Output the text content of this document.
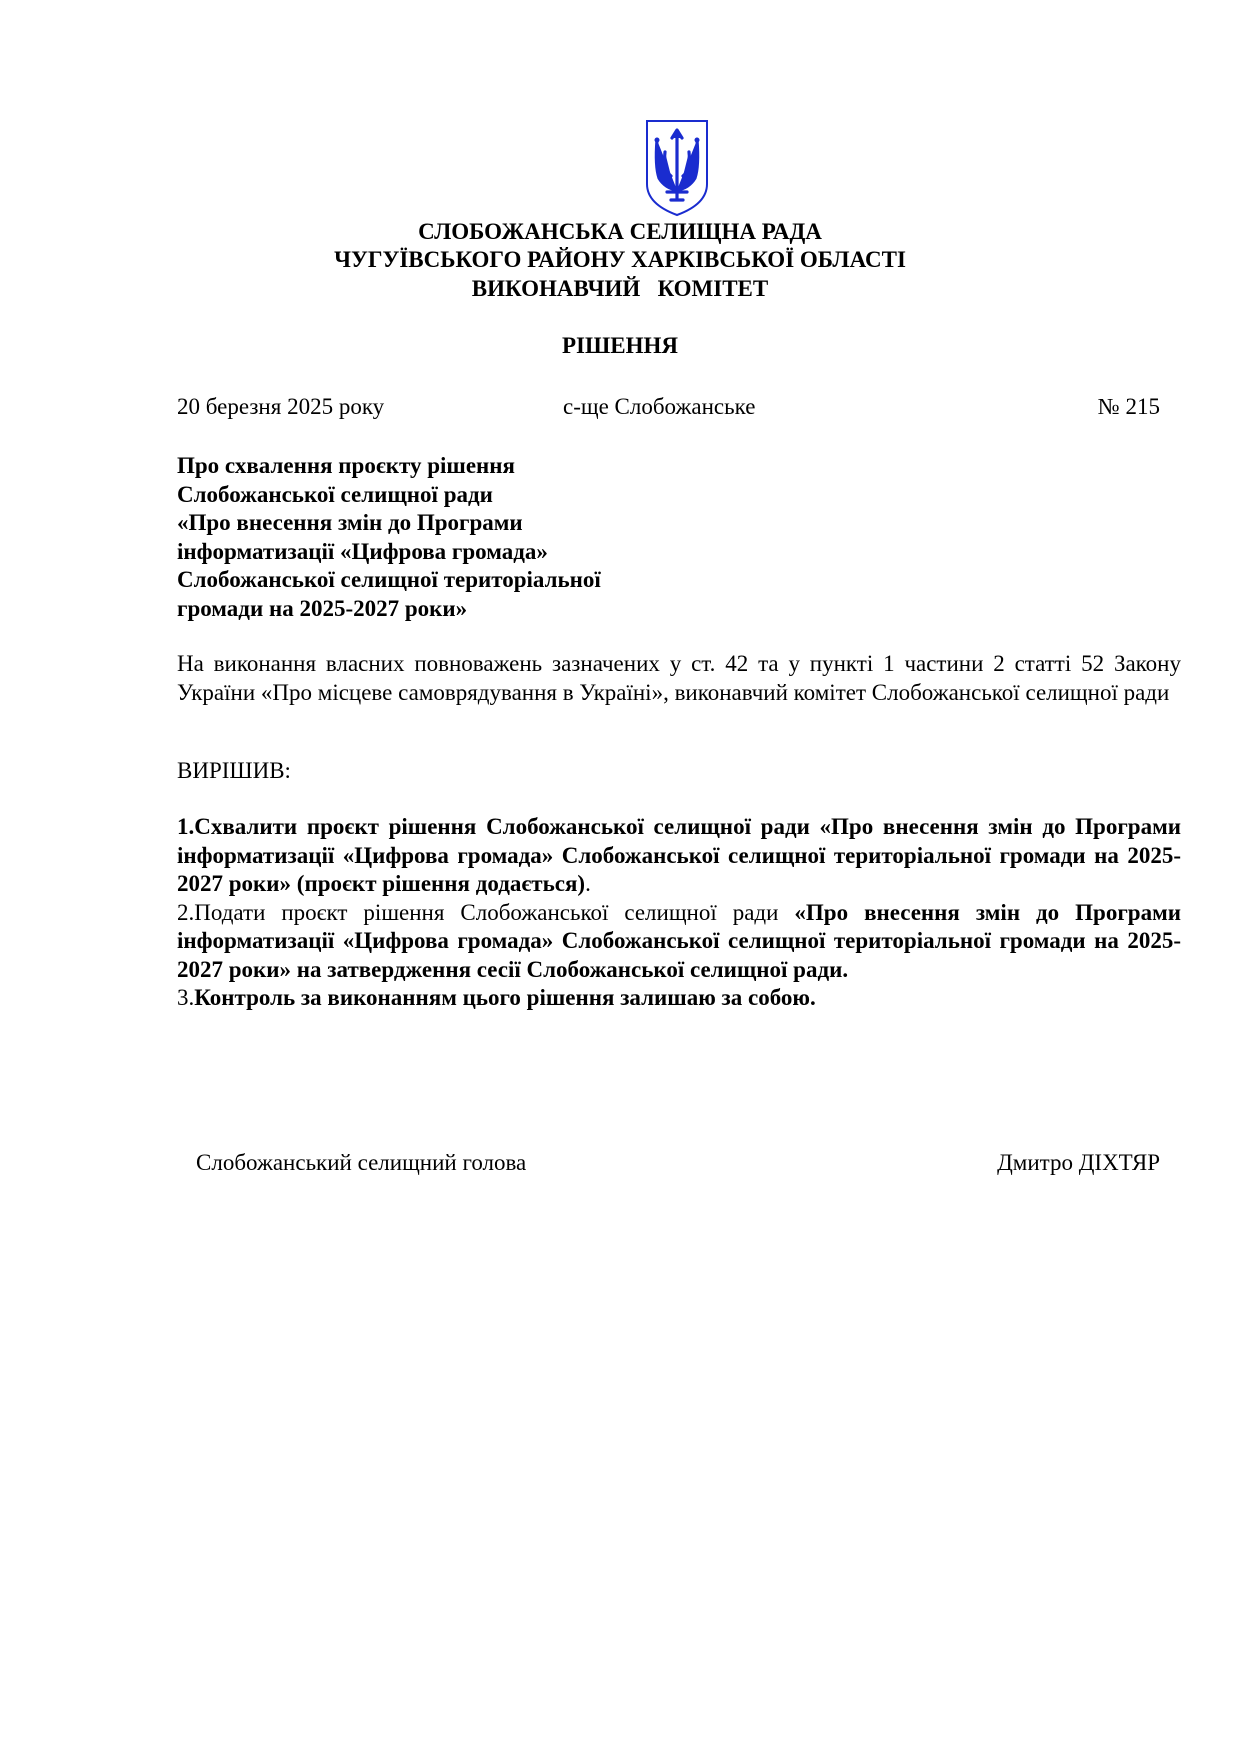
СЛОБОЖАНСЬКА СЕЛИЩНА РАДА
ЧУГУЇВСЬКОГО РАЙОНУ ХАРКІВСЬКОЇ ОБЛАСТІ
ВИКОНАВЧИЙ   КОМІТЕТ
РІШЕННЯ
20 березня 2025 року	с-ще Слобожанське	№ 215
Про схвалення проєкту рішення
Слобожанської селищної ради
«Про внесення змін до Програми
інформатизації «Цифрова громада»
Слобожанської селищної територіальної
громади на 2025-2027 роки»
На виконання власних повноважень зазначених у ст. 42 та у пункті 1 частини 2 статті 52 Закону України «Про місцеве самоврядування в Україні», виконавчий комітет Слобожанської селищної ради
ВИРІШИВ:

1.Схвалити проєкт рішення Слобожанської селищної ради «Про внесення змін до Програми інформатизації «Цифрова громада» Слобожанської селищної територіальної громади на 2025-2027 роки» (проєкт рішення додається).

2.Подати проєкт рішення Слобожанської селищної ради «Про внесення змін до Програми інформатизації «Цифрова громада» Слобожанської селищної територіальної громади на 2025-2027 роки» на затвердження сесії Слобожанської селищної ради.

3.Контроль за виконанням цього рішення залишаю за собою.

Слобожанський селищний голова	Дмитро ДІХТЯР
